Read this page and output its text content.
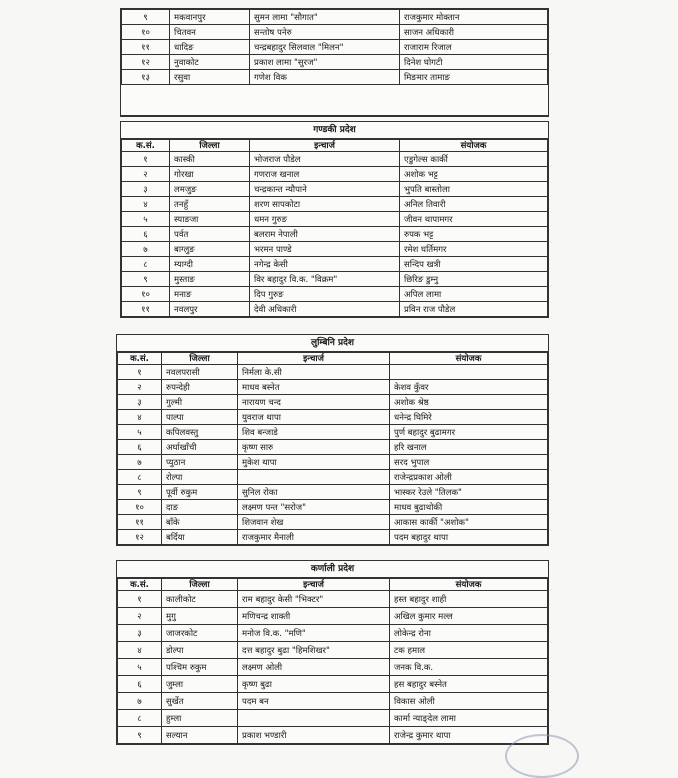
९	मकवानपुर	सुमन लामा "सौगात"	राजकुमार मोक्तान
१०	चितवन	सन्तोष पनेरु	साजन अधिकारी
११	धादिङ	चन्द्रबहादुर सिलवाल "मिलन"	राजाराम रिजाल
१२	नुवाकोट	प्रकाश लामा "सुरज"	दिनेश घोगटी
१३	रसुवा	गणेश विक	मिङमार तामाङ
गण्डकी प्रदेश
क.सं.	जिल्ला	इन्चार्ज	संयोजक
१	कास्की	भोजराज पौडेल	एडुगेल्स कार्की
२	गोरखा	गणराज खनाल	अशोक भट्ट
३	लमजुङ	चन्द्रकान्त न्यौपाने	भुपति बास्तोला
४	तनहुँ	शरण सापकोटा	अनिल तिवारी
५	स्याङजा	धमन गुरुङ	जीवन थापामगर
६	पर्वत	बलराम नेपाली	रुपक भट्ट
७	बाग्लुङ	भरमन पाण्डे	रमेश घर्तिमगर
८	म्याग्दी	नगेन्द्र केसी	सन्दिप खत्री
९	मुस्ताङ	विर बहादुर वि.क. "विक्रम"	छिरिङ डुम्नु
१०	मनाङ	दिप गुरुङ	अपिल लामा
११	नवलपुर	देवी अधिकारी	प्रविन राज पौडेल
लुम्बिनि प्रदेश
क.सं.	जिल्ला	इन्चार्ज	संयोजक
१	नवलपरासी	निर्मला के.सी	
२	रुपन्देही	माधव बस्नेत	केशव कुँवर
३	गुल्मी	नारायण चन्द	अशोक श्रेष्ठ
४	पाल्पा	युवराज थापा	धनेन्द्र घिमिरे
५	कपिलवस्तु	शिव बन्जाडे	पुर्ण बहादुर बुढामगर
६	अर्घाखाँची	कृष्ण सारु	हरि खनाल
७	प्युठान	मुकेश थापा	सरद भुपाल
८	रोल्पा		राजेन्द्रप्रकाश ओली
९	पूर्वी रुकुम	सुनिल रोका	भास्कर रेउले "तिलक"
१०	दाङ	लक्ष्मण पन्त "सरोज"	माधव बुढाथोकी
११	बाँके	शिजवान शेख	आकास कार्की "अशोक"
१२	बर्दिया	राजकुमार मैनाली	पदम बहादुर थापा
कर्णाली प्रदेश
क.सं.	जिल्ला	इन्चार्ज	संयोजक
१	कालीकोट	राम बहादुर केसी "भिक्टर"	हस्त बहादुर शाही
२	मुगु	मणिचन्द्र शाक्ती	अखिल कुमार मल्ल
३	जाजरकोट	मनोज वि.क. "मणि"	लोकेन्द्र रोना
४	डोल्पा	दत्त बहादुर बुढा "हिमशिखर"	टक हमाल
५	पश्चिम रुकुम	लक्ष्मण ओली	जनक वि.क.
६	जुम्ला	कृष्ण बुढा	हस बहादुर बस्नेत
७	सुर्खेत	पदम बन	विकास ओली
८	हुम्ला		कार्मा न्याङ्देल लामा
९	सल्यान	प्रकाश भण्डारी	राजेन्द्र कुमार थापा
